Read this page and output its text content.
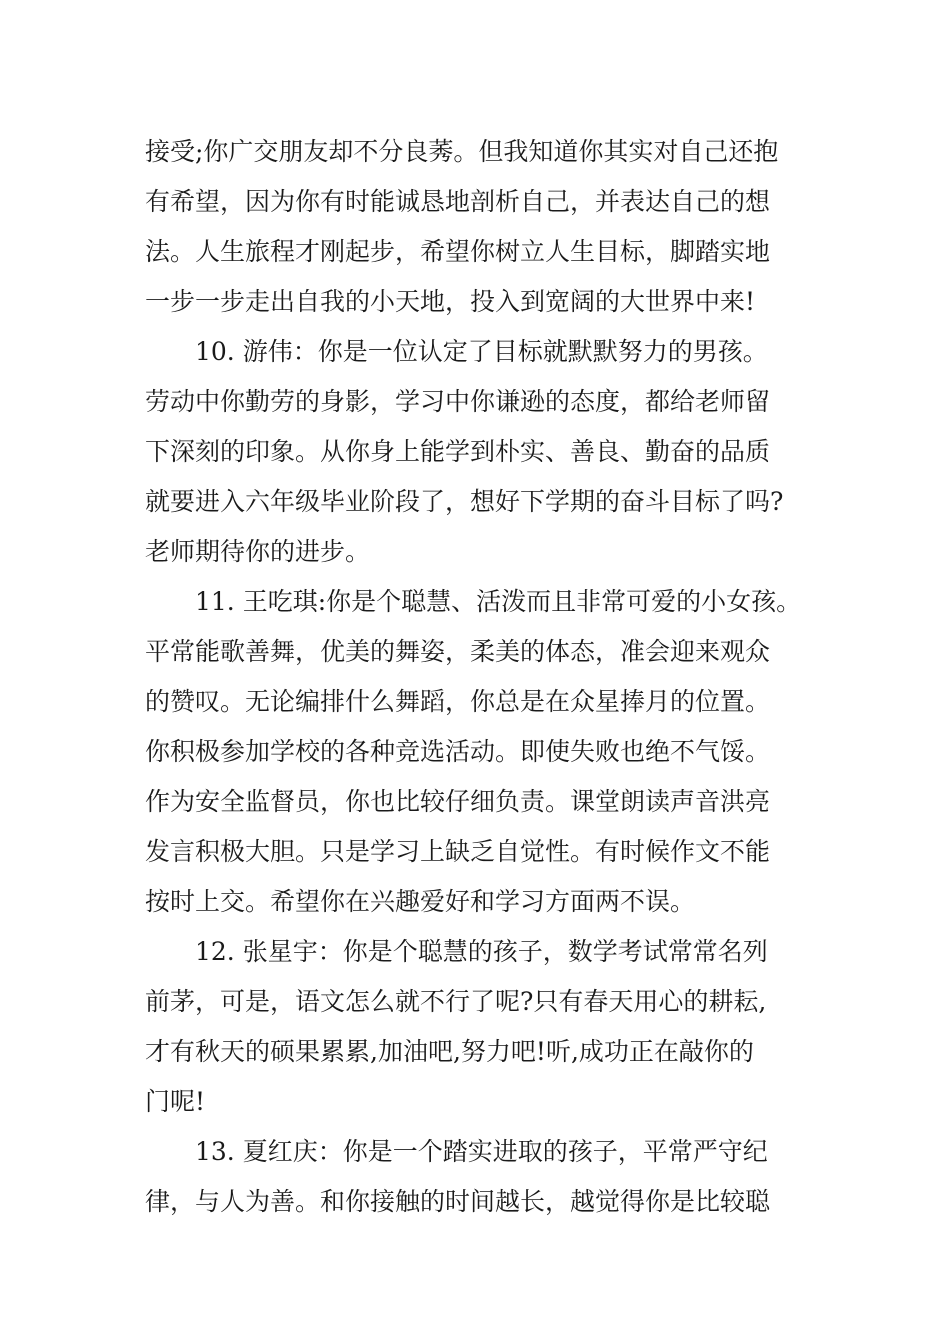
接受;你广交朋友却不分良莠。但我知道你其实对自己还抱
有希望，因为你有时能诚恳地剖析自己，并表达自己的想
法。人生旅程才刚起步，希望你树立人生目标，脚踏实地
一步一步走出自我的小天地，投入到宽阔的大世界中来!
10. 游伟：你是一位认定了目标就默默努力的男孩。
劳动中你勤劳的身影，学习中你谦逊的态度，都给老师留
下深刻的印象。从你身上能学到朴实、善良、勤奋的品质
就要进入六年级毕业阶段了，想好下学期的奋斗目标了吗?
老师期待你的进步。
11. 王吃琪:你是个聪慧、活泼而且非常可爱的小女孩。
平常能歌善舞，优美的舞姿，柔美的体态，准会迎来观众
的赞叹。无论编排什么舞蹈，你总是在众星捧月的位置。
你积极参加学校的各种竞选活动。即使失败也绝不气馁。
作为安全监督员，你也比较仔细负责。课堂朗读声音洪亮
发言积极大胆。只是学习上缺乏自觉性。有时候作文不能
按时上交。希望你在兴趣爱好和学习方面两不误。
12. 张星宇：你是个聪慧的孩子，数学考试常常名列
前茅，可是，语文怎么就不行了呢?只有春天用心的耕耘,
才有秋天的硕果累累,加油吧,努力吧!听,成功正在敲你的
门呢!
13. 夏红庆：你是一个踏实进取的孩子，平常严守纪
律，与人为善。和你接触的时间越长，越觉得你是比较聪
